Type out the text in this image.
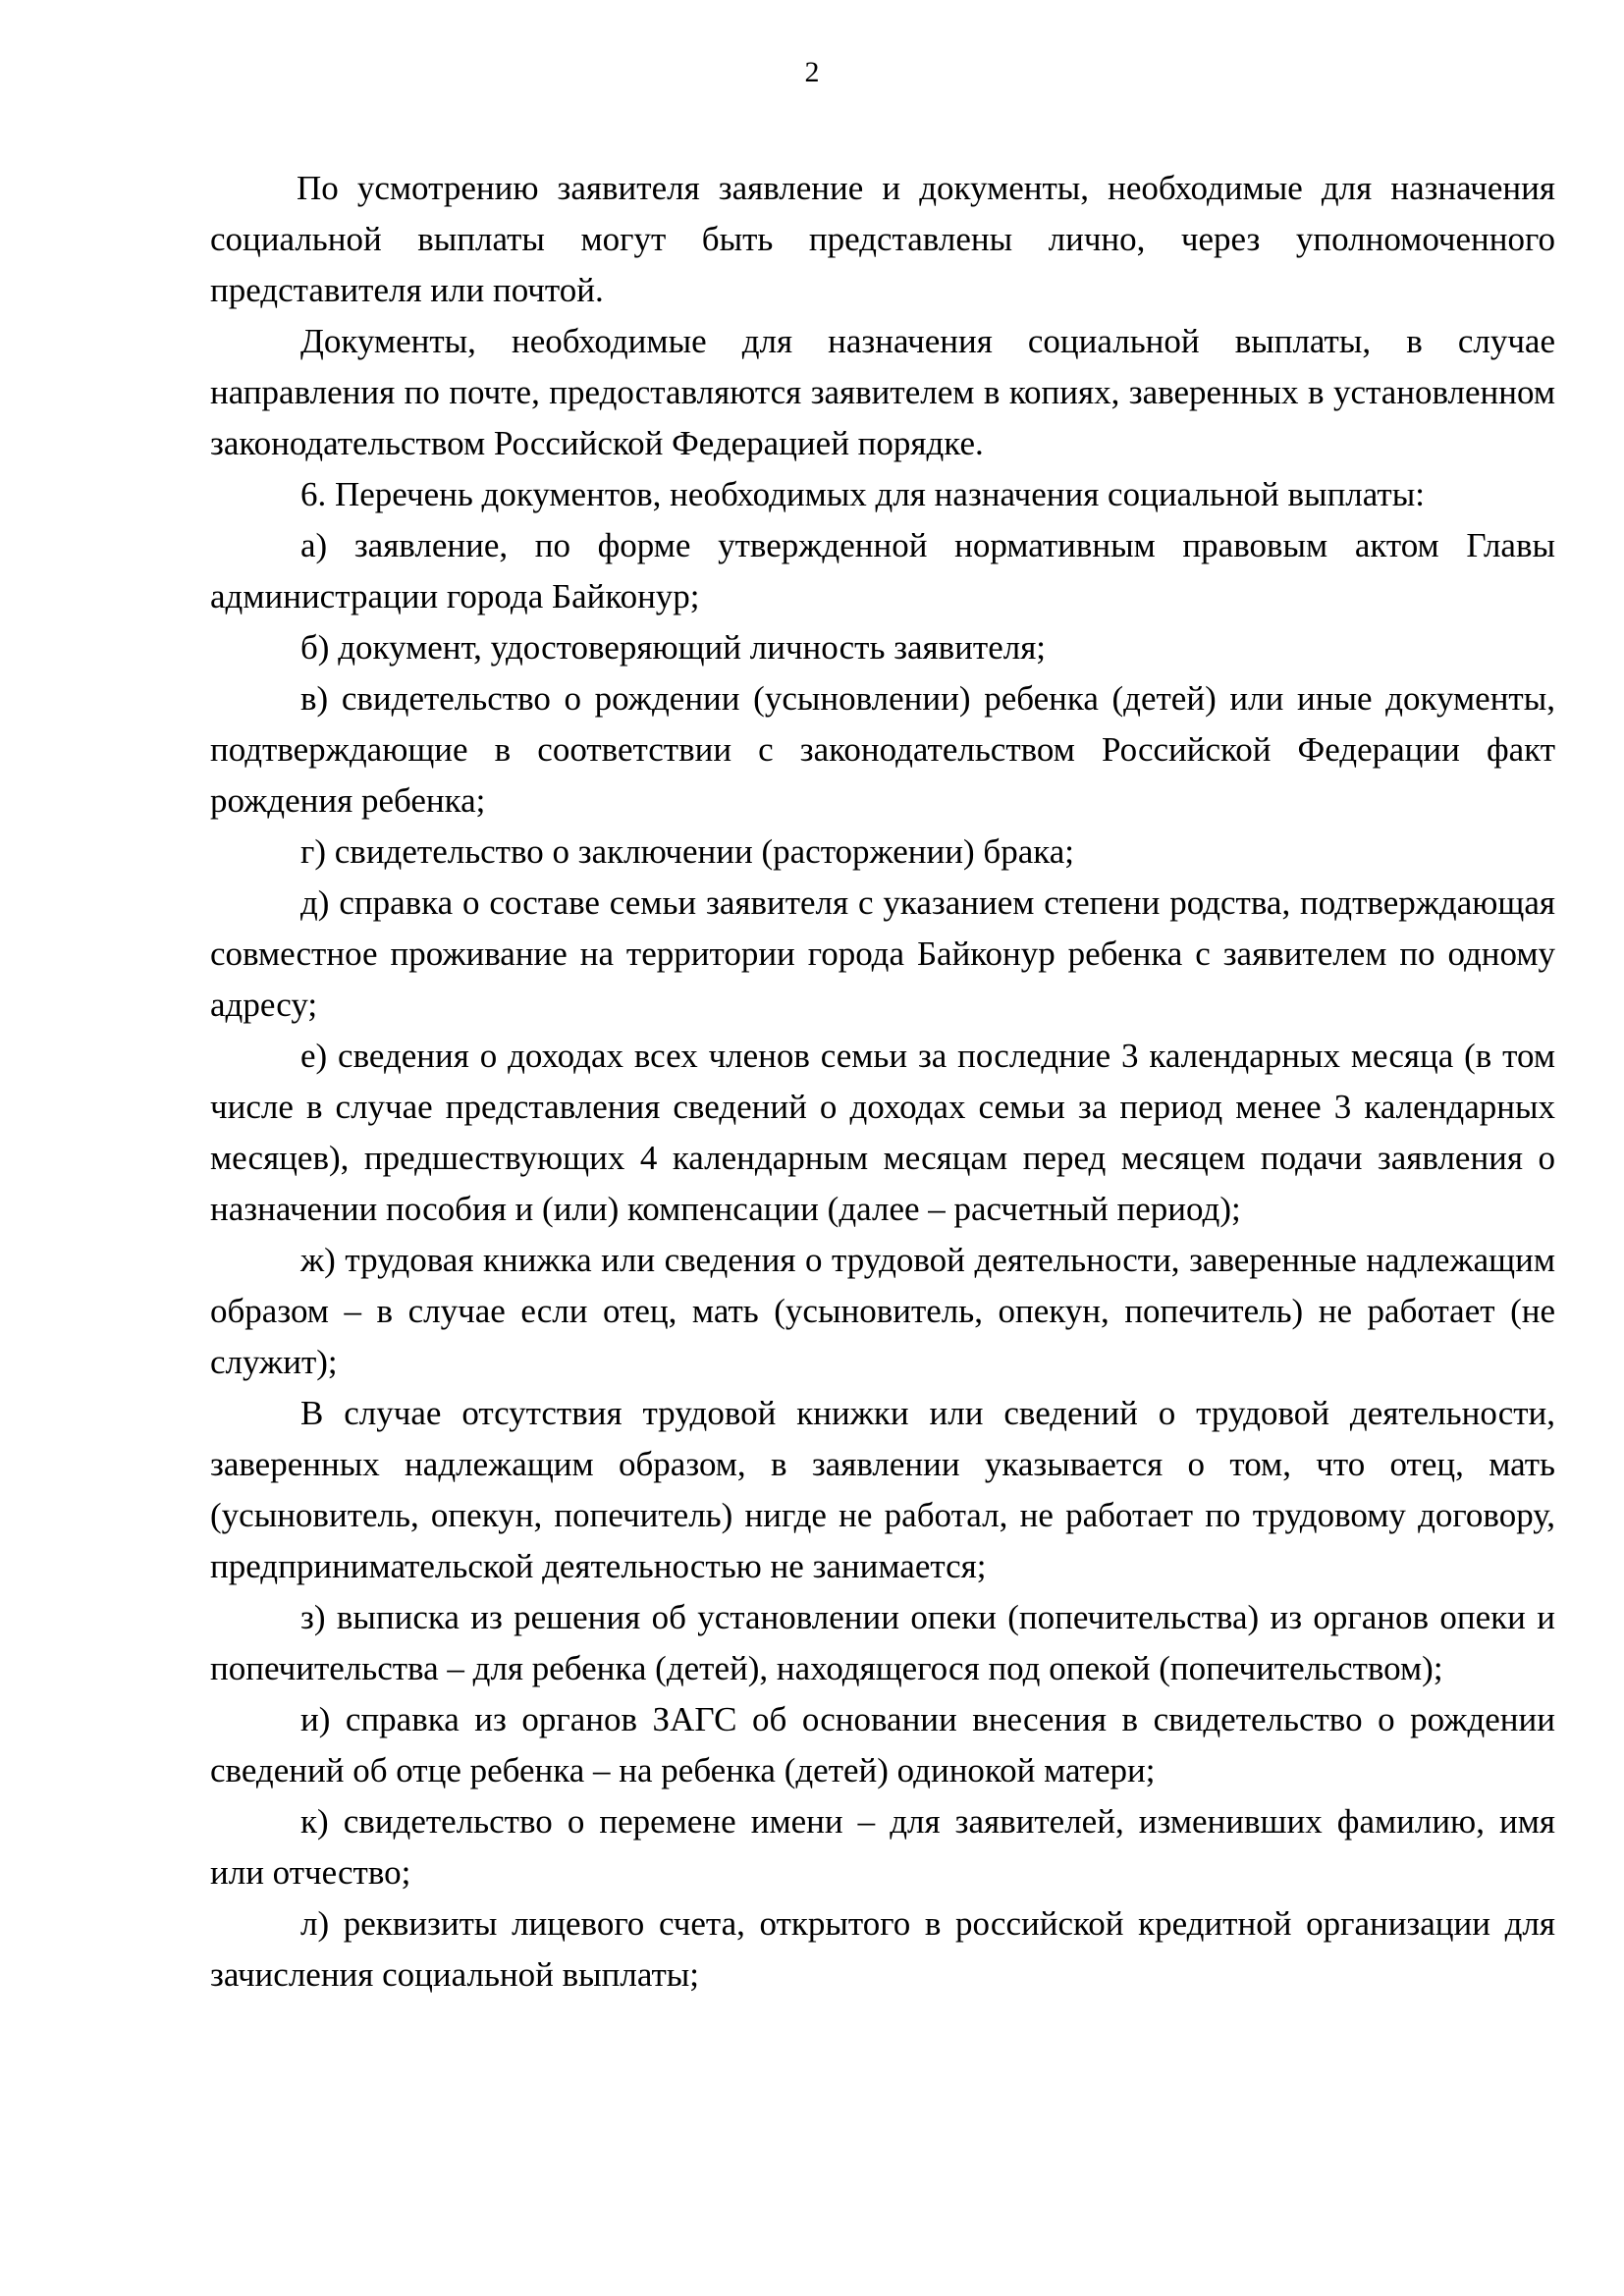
2

По усмотрению заявителя заявление и документы, необходимые для назначения социальной выплаты могут быть представлены лично, через уполномоченного представителя или почтой.

Документы, необходимые для назначения социальной выплаты, в случае направления по почте, предоставляются заявителем в копиях, заверенных в установленном законодательством Российской Федерацией порядке.

6. Перечень документов, необходимых для назначения социальной выплаты:

а) заявление, по форме утвержденной нормативным правовым актом Главы администрации города Байконур;

б) документ, удостоверяющий личность заявителя;

в) свидетельство о рождении (усыновлении) ребенка (детей) или иные документы, подтверждающие в соответствии с законодательством Российской Федерации факт рождения ребенка;

г) свидетельство о заключении (расторжении) брака;

д) справка о составе семьи заявителя с указанием степени родства, подтверждающая совместное проживание на территории города Байконур ребенка с заявителем по одному адресу;

е) сведения о доходах всех членов семьи за последние 3 календарных месяца (в том числе в случае представления сведений о доходах семьи за период менее 3 календарных месяцев), предшествующих 4 календарным месяцам перед месяцем подачи заявления о назначении пособия и (или) компенсации (далее – расчетный период);

ж) трудовая книжка или сведения о трудовой деятельности, заверенные надлежащим образом – в случае если отец, мать (усыновитель, опекун, попечитель) не работает (не служит);

В случае отсутствия трудовой книжки или сведений о трудовой деятельности, заверенных надлежащим образом, в заявлении указывается о том, что отец, мать (усыновитель, опекун, попечитель) нигде не работал, не работает по трудовому договору, предпринимательской деятельностью не занимается;

з) выписка из решения об установлении опеки (попечительства) из органов опеки и попечительства – для ребенка (детей), находящегося под опекой (попечительством);

и) справка из органов ЗАГС об основании внесения в свидетельство о рождении сведений об отце ребенка – на ребенка (детей) одинокой матери;

к) свидетельство о перемене имени – для заявителей, изменивших фамилию, имя или отчество;

л) реквизиты лицевого счета, открытого в российской кредитной организации для зачисления социальной выплаты;
